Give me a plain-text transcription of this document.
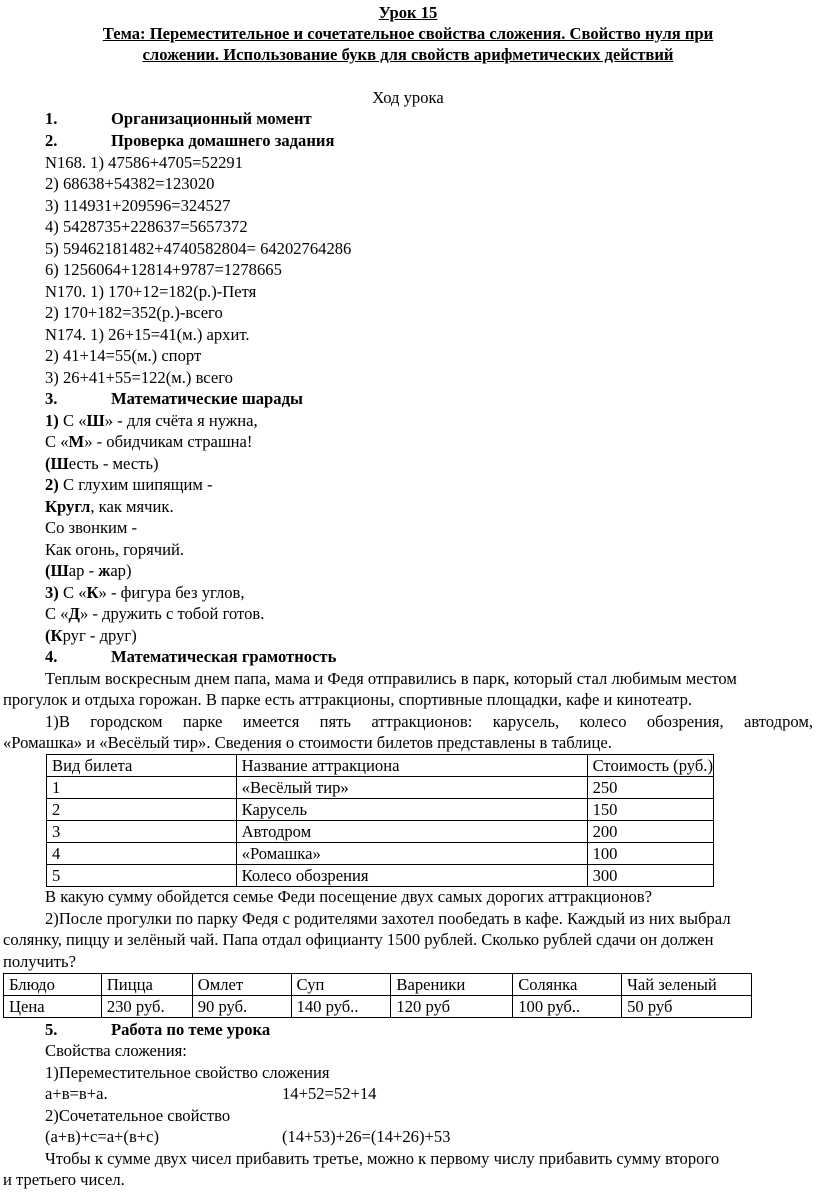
Урок 15
Тема: Переместительное и сочетательное свойства сложения. Свойство нуля при
сложении. Использование букв для свойств арифметических действий
Ход урока
1.	Организационный момент
2.	Проверка домашнего задания
N168. 1) 47586+4705=52291
2) 68638+54382=123020
3) 114931+209596=324527
4) 5428735+228637=5657372
5) 59462181482+4740582804= 64202764286
6) 1256064+12814+9787=1278665
N170. 1) 170+12=182(р.)-Петя
2) 170+182=352(р.)-всего
N174. 1) 26+15=41(м.) архит.
2) 41+14=55(м.) спорт
3) 26+41+55=122(м.) всего
3.	Математические шарады
1) С «Ш» - для счёта я нужна,
С «М» - обидчикам страшна!
(Шесть - месть)
2) С глухим шипящим -
Кругл, как мячик.
Со звонким -
Как огонь, горячий.
(Шар - жар)
3) С «К» - фигура без углов,
С «Д» - дружить с тобой готов.
(Круг - друг)
4.	Математическая грамотность
Теплым воскресным днем папа, мама и Федя отправились в парк, который стал любимым местом
прогулок и отдыха горожан. В парке есть аттракционы, спортивные площадки, кафе и кинотеатр.
1)В городском парке имеется пять аттракционов: карусель, колесо обозрения, автодром,
«Ромашка» и «Весёлый тир». Сведения о стоимости билетов представлены в таблице.
Вид билета	Название аттракциона	Стоимость (руб.)
1	«Весёлый тир»	250
2	Карусель	150
3	Автодром	200
4	«Ромашка»	100
5	Колесо обозрения	300
В какую сумму обойдется семье Феди посещение двух самых дорогих аттракционов?
2)После прогулки по парку Федя с родителями захотел пообедать в кафе. Каждый из них выбрал
солянку, пиццу и зелёный чай. Папа отдал официанту 1500 рублей. Сколько рублей сдачи он должен
получить?
Блюдо	Пицца	Омлет	Суп	Вареники	Солянка	Чай зеленый
Цена	230 руб.	90 руб.	140 руб..	120 руб	100 руб..	50 руб
5.	Работа по теме урока
Свойства сложения:
1)Переместительное свойство сложения
а+в=в+а.	14+52=52+14
2)Сочетательное свойство
(а+в)+с=а+(в+с)	(14+53)+26=(14+26)+53
Чтобы к сумме двух чисел прибавить третье, можно к первому числу прибавить сумму второго
и третьего чисел.
